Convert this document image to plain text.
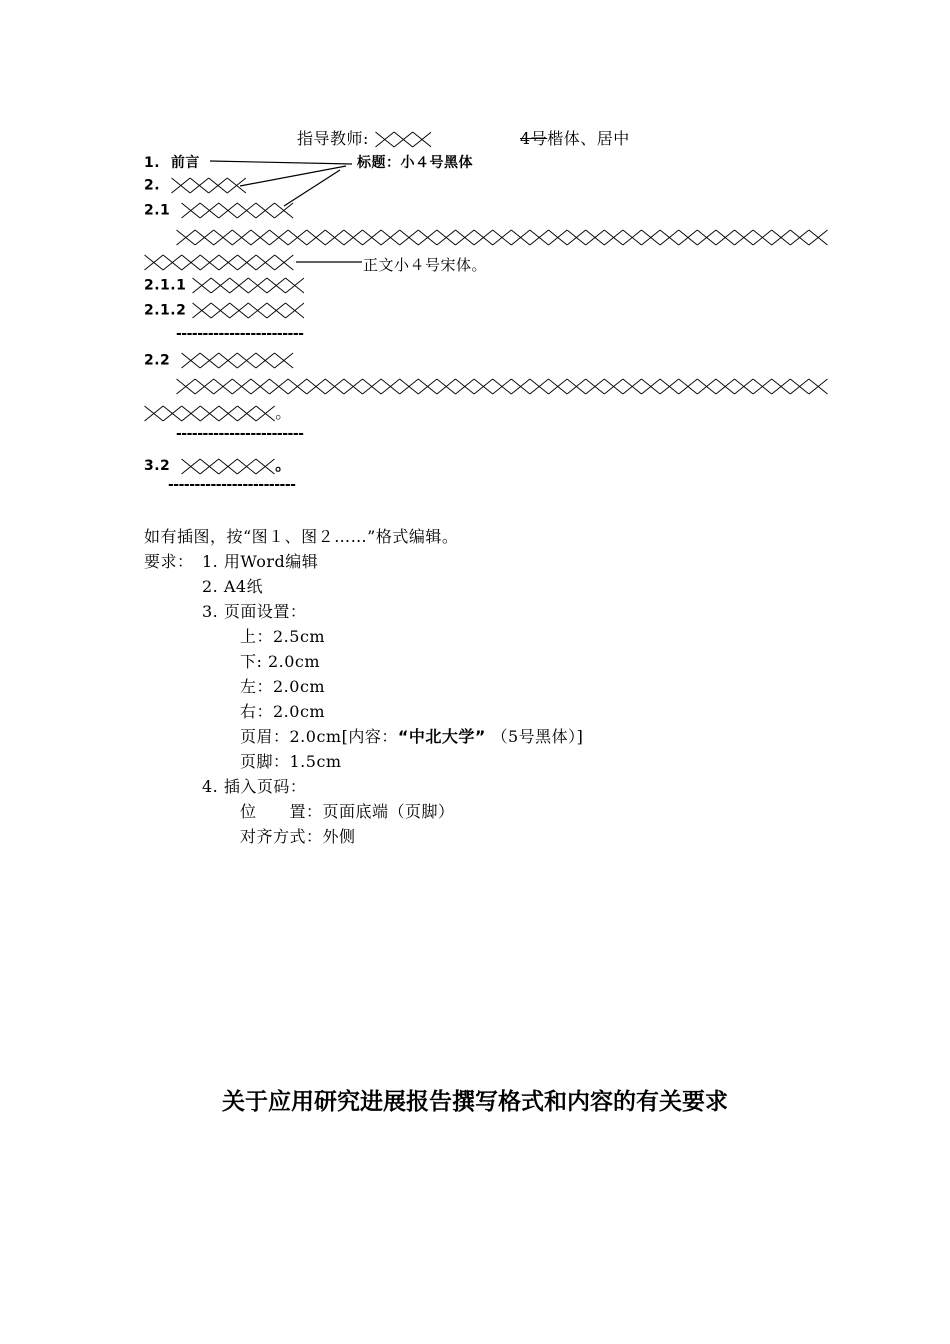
指导教师:	4号楷体、居中
1. 前言	标题：小４号黑体
2.
2.1
正文小４号宋体。
2.1.1
2.1.2
------------------------
2.2
。
------------------------
3.2	。
------------------------
如有插图，按“图１、图２……”格式编辑。
要求： 1. 用Word编辑
2. A4纸
3. 页面设置：
上：2.5cm
下: 2.0cm
左：2.0cm
右：2.0cm
页眉：2.0cm[内容：“中北大学” （5号黑体）]
页脚：1.5cm
4. 插入页码：
位　　置：页面底端（页脚）
对齐方式：外侧
关于应用研究进展报告撰写格式和内容的有关要求
